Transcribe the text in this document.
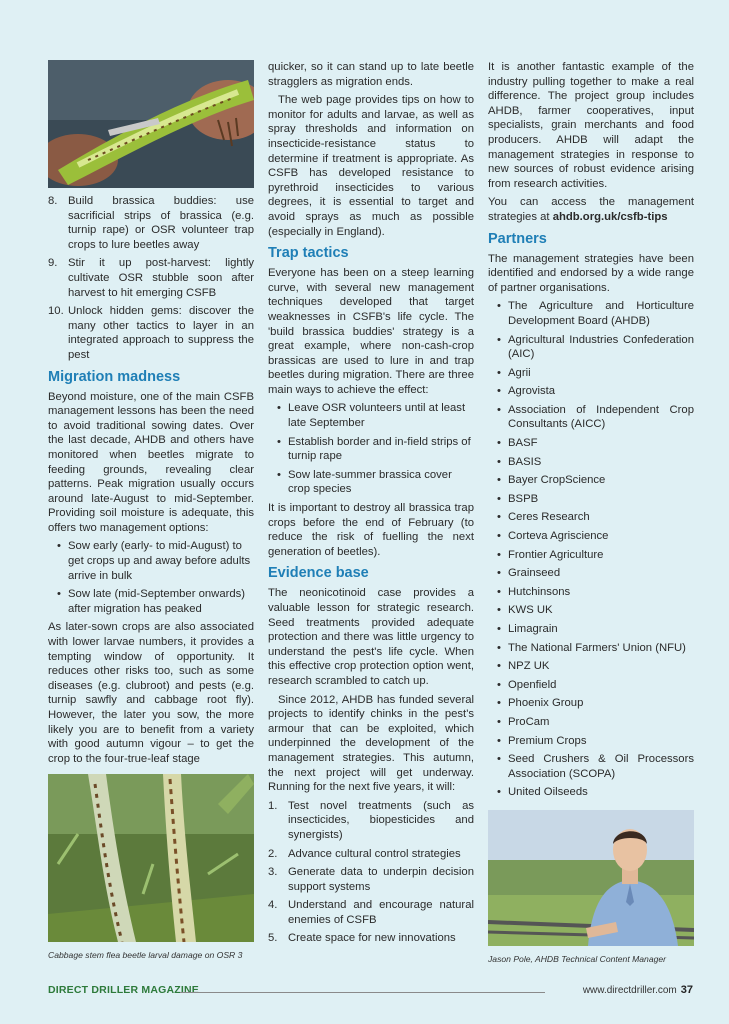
8. Build brassica buddies: use sacrificial strips of brassica (e.g. turnip rape) or OSR volunteer trap crops to lure beetles away

9. Stir it up post-harvest: lightly cultivate OSR stubble soon after harvest to hit emerging CSFB

10. Unlock hidden gems: discover the many other tactics to layer in an integrated approach to suppress the pest

Migration madness

Beyond moisture, one of the main CSFB management lessons has been the need to avoid traditional sowing dates. Over the last decade, AHDB and others have monitored when beetles migrate to feeding grounds, revealing clear patterns. Peak migration usually occurs around late-August to mid-September. Providing soil moisture is adequate, this offers two management options:

• Sow early (early- to mid-August) to get crops up and away before adults arrive in bulk
• Sow late (mid-September onwards) after migration has peaked

As later-sown crops are also associated with lower larvae numbers, it provides a tempting window of opportunity. It reduces other risks too, such as some diseases (e.g. clubroot) and pests (e.g. turnip sawfly and cabbage root fly). However, the later you sow, the more likely you are to benefit from a variety with good autumn vigour – to get the crop to the four-true-leaf stage

Cabbage stem flea beetle larval damage on OSR 3

quicker, so it can stand up to late beetle stragglers as migration ends.

The web page provides tips on how to monitor for adults and larvae, as well as spray thresholds and information on insecticide-resistance status to determine if treatment is appropriate. As CSFB has developed resistance to pyrethroid insecticides to various degrees, it is essential to target and avoid sprays as much as possible (especially in England).

Trap tactics

Everyone has been on a steep learning curve, with several new management techniques developed that target weaknesses in CSFB's life cycle. The 'build brassica buddies' strategy is a great example, where non-cash-crop brassicas are used to lure in and trap beetles during migration. There are three main ways to achieve the effect:

• Leave OSR volunteers until at least late September
• Establish border and in-field strips of turnip rape
• Sow late-summer brassica cover crop species

It is important to destroy all brassica trap crops before the end of February (to reduce the risk of fuelling the next generation of beetles).

Evidence base

The neonicotinoid case provides a valuable lesson for strategic research. Seed treatments provided adequate protection and there was little urgency to understand the pest's life cycle. When this effective crop protection option went, research scrambled to catch up.

Since 2012, AHDB has funded several projects to identify chinks in the pest's armour that can be exploited, which underpinned the development of the management strategies. This autumn, the next project will get underway. Running for the next five years, it will:

1. Test novel treatments (such as insecticides, biopesticides and synergists)

2. Advance cultural control strategies

3. Generate data to underpin decision support systems

4. Understand and encourage natural enemies of CSFB

5. Create space for new innovations

It is another fantastic example of the industry pulling together to make a real difference. The project group includes AHDB, farmer cooperatives, input specialists, grain merchants and food producers. AHDB will adapt the management strategies in response to new sources of robust evidence arising from research activities.

You can access the management strategies at ahdb.org.uk/csfb-tips

Partners

The management strategies have been identified and endorsed by a wide range of partner organisations.

• The Agriculture and Horticulture Development Board (AHDB)
• Agricultural Industries Confederation (AIC)
• Agrii
• Agrovista
• Association of Independent Crop Consultants (AICC)
• BASF
• BASIS
• Bayer CropScience
• BSPB
• Ceres Research
• Corteva Agriscience
• Frontier Agriculture
• Grainseed
• Hutchinsons
• KWS UK
• Limagrain
• The National Farmers' Union (NFU)
• NPZ UK
• Openfield
• Phoenix Group
• ProCam
• Premium Crops
• Seed Crushers & Oil Processors Association (SCOPA)
• United Oilseeds
Jason Pole, AHDB Technical Content Manager
DIRECT DRILLER MAGAZINE	www.directdriller.com 37
